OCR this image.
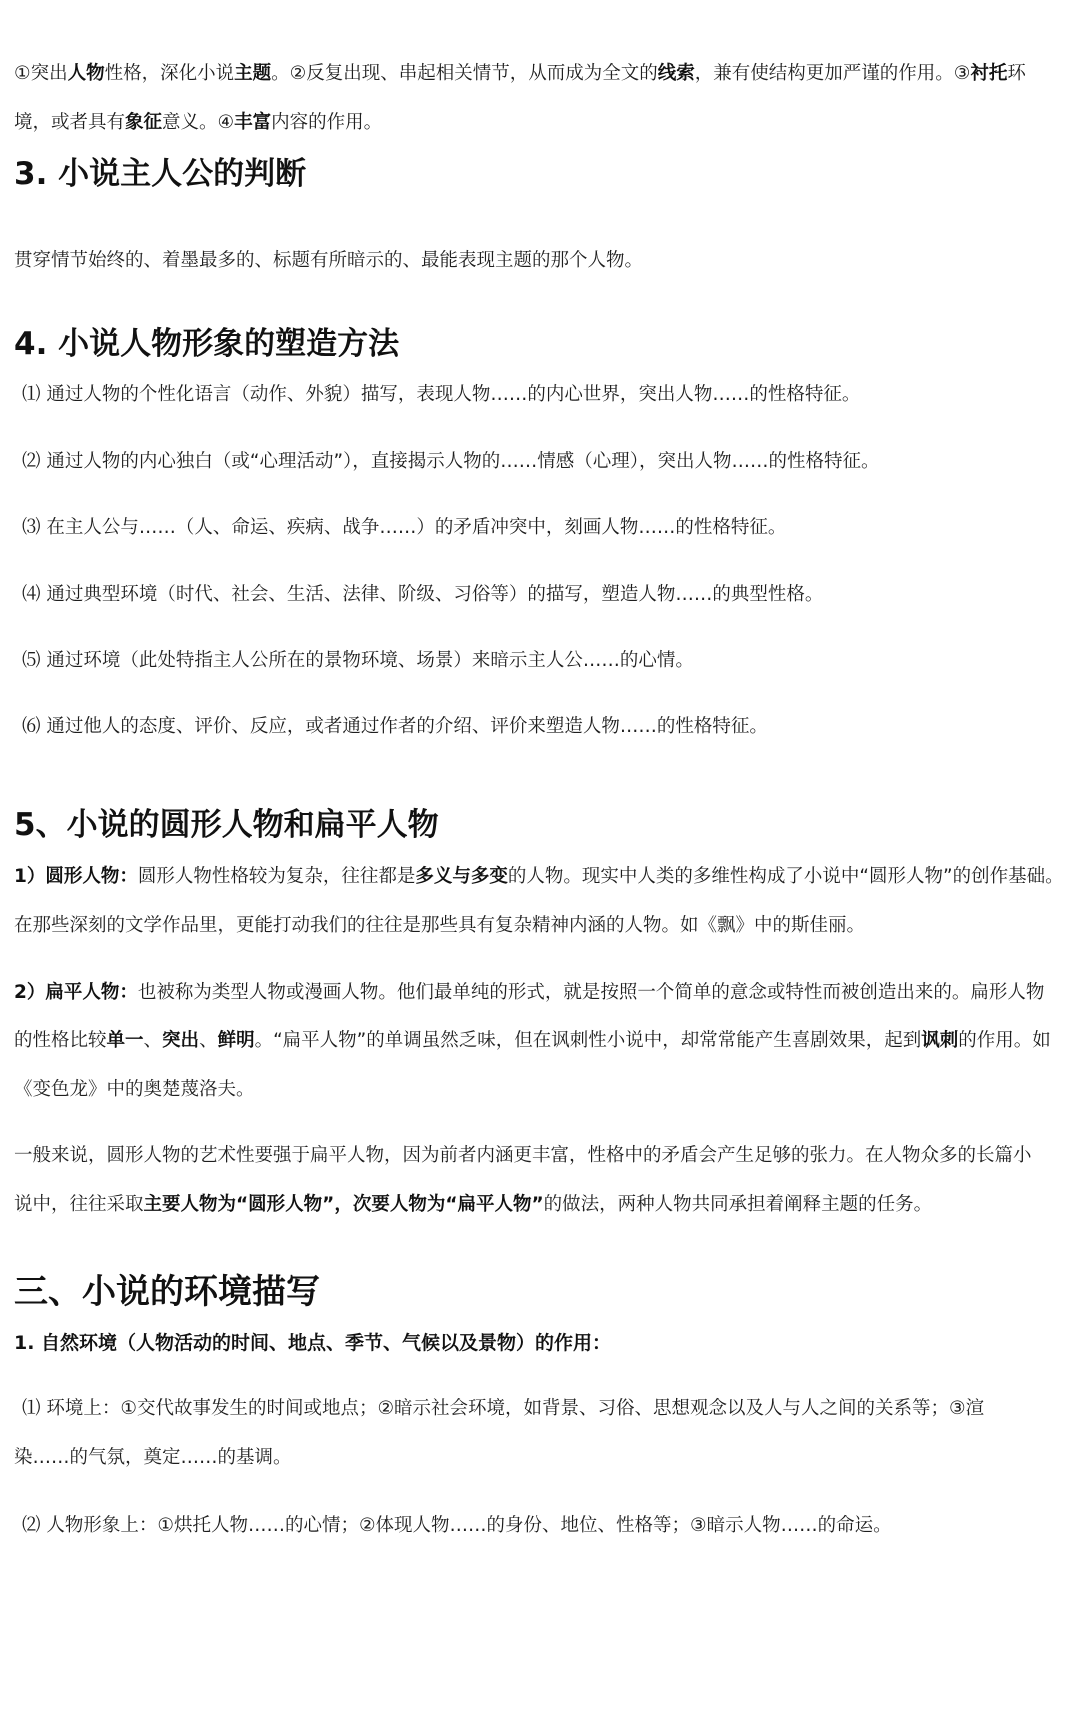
①突出人物性格，深化小说主题。②反复出现、串起相关情节，从而成为全文的线索，兼有使结构更加严谨的作用。③衬托环
境，或者具有象征意义。④丰富内容的作用。
3. 小说主人公的判断
贯穿情节始终的、着墨最多的、标题有所暗示的、最能表现主题的那个人物。
4. 小说人物形象的塑造方法
⑴ 通过人物的个性化语言（动作、外貌）描写，表现人物……的内心世界，突出人物……的性格特征。
⑵ 通过人物的内心独白（或“心理活动”），直接揭示人物的……情感（心理），突出人物……的性格特征。
⑶ 在主人公与……（人、命运、疾病、战争……）的矛盾冲突中，刻画人物……的性格特征。
⑷ 通过典型环境（时代、社会、生活、法律、阶级、习俗等）的描写，塑造人物……的典型性格。
⑸ 通过环境（此处特指主人公所在的景物环境、场景）来暗示主人公……的心情。
⑹ 通过他人的态度、评价、反应，或者通过作者的介绍、评价来塑造人物……的性格特征。
5、小说的圆形人物和扁平人物
1）圆形人物：圆形人物性格较为复杂，往往都是多义与多变的人物。现实中人类的多维性构成了小说中“圆形人物”的创作基础。
在那些深刻的文学作品里，更能打动我们的往往是那些具有复杂精神内涵的人物。如《飘》中的斯佳丽。
2）扁平人物：也被称为类型人物或漫画人物。他们最单纯的形式，就是按照一个简单的意念或特性而被创造出来的。扁形人物
的性格比较单一、突出、鲜明。“扁平人物”的单调虽然乏味，但在讽刺性小说中，却常常能产生喜剧效果，起到讽刺的作用。如
《变色龙》中的奥楚蔑洛夫。
一般来说，圆形人物的艺术性要强于扁平人物，因为前者内涵更丰富，性格中的矛盾会产生足够的张力。在人物众多的长篇小
说中，往往采取主要人物为“圆形人物”，次要人物为“扁平人物”的做法，两种人物共同承担着阐释主题的任务。
三、小说的环境描写
1. 自然环境（人物活动的时间、地点、季节、气候以及景物）的作用：
⑴ 环境上：①交代故事发生的时间或地点；②暗示社会环境，如背景、习俗、思想观念以及人与人之间的关系等；③渲
染……的气氛，奠定……的基调。
⑵ 人物形象上：①烘托人物……的心情；②体现人物……的身份、地位、性格等；③暗示人物……的命运。
